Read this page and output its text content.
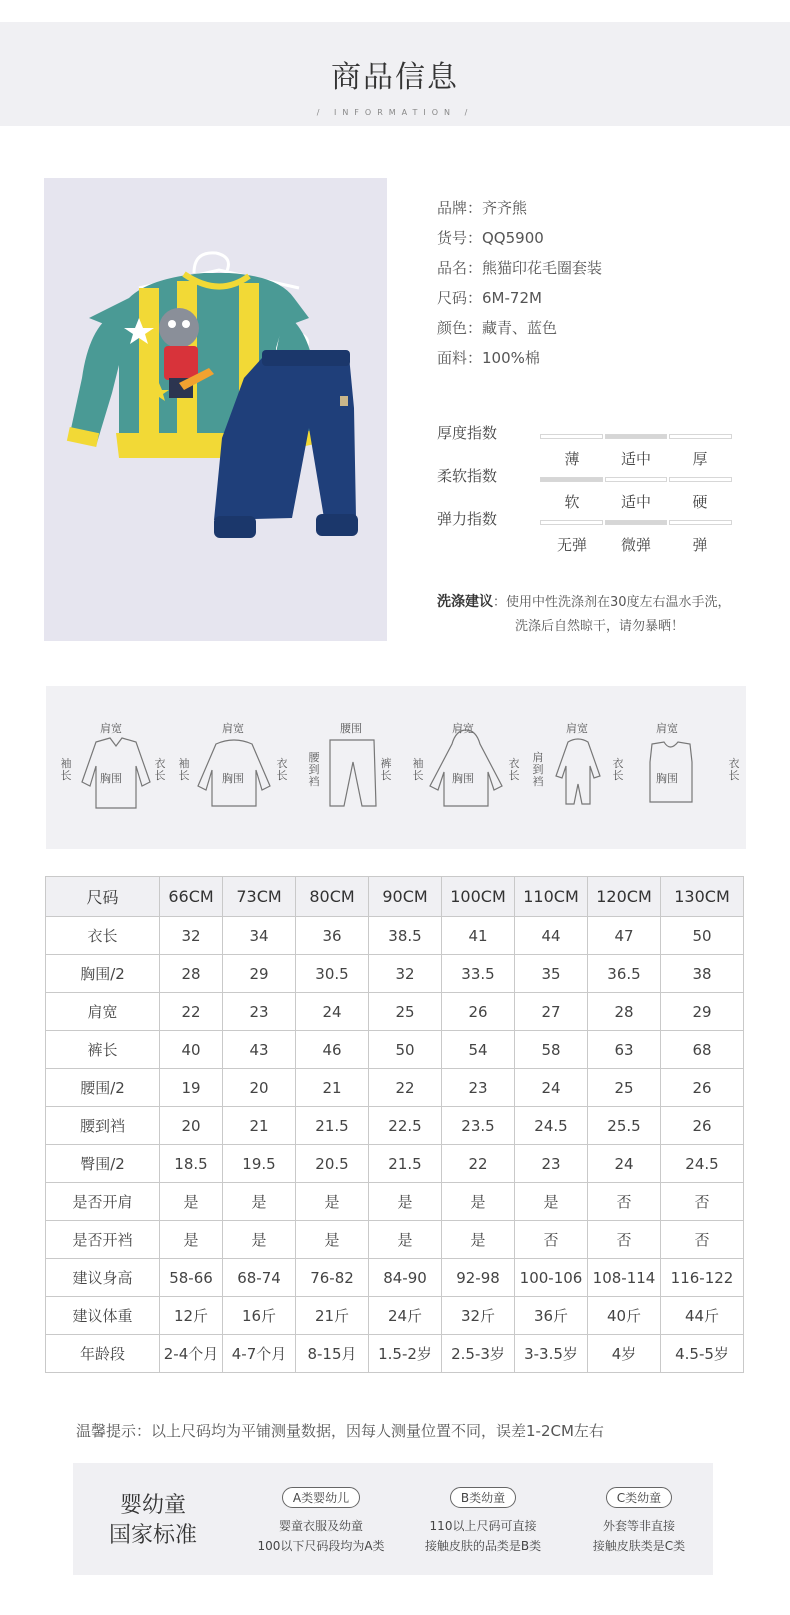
商品信息
/ INFORMATION /
品牌：齐齐熊
货号：QQ5900
品名：熊猫印花毛圈套装
尺码：6M-72M
颜色：藏青、蓝色
面料：100%棉
厚度指数
薄	适中	厚
柔软指数
软	适中	硬
弹力指数
无弹	微弹	弹
洗涤建议：使用中性洗涤剂在30度左右温水手洗，
洗涤后自然晾干，请勿暴晒！
肩宽
袖长
衣长
胸围
肩宽
袖长
衣长
胸围
腰围
腰到裆
裤长
肩宽
袖长
衣长
胸围
肩宽
肩到裆
衣长
肩宽
衣长
胸围
尺码	66CM	73CM	80CM	90CM	100CM	110CM	120CM	130CM
衣长	32	34	36	38.5	41	44	47	50
胸围/2	28	29	30.5	32	33.5	35	36.5	38
肩宽	22	23	24	25	26	27	28	29
裤长	40	43	46	50	54	58	63	68
腰围/2	19	20	21	22	23	24	25	26
腰到裆	20	21	21.5	22.5	23.5	24.5	25.5	26
臀围/2	18.5	19.5	20.5	21.5	22	23	24	24.5
是否开肩	是	是	是	是	是	是	否	否
是否开裆	是	是	是	是	是	否	否	否
建议身高	58-66	68-74	76-82	84-90	92-98	100-106	108-114	116-122
建议体重	12斤	16斤	21斤	24斤	32斤	36斤	40斤	44斤
年龄段	2-4个月	4-7个月	8-15月	1.5-2岁	2.5-3岁	3-3.5岁	4岁	4.5-5岁
温馨提示：以上尺码均为平铺测量数据，因每人测量位置不同，误差1-2CM左右
婴幼童
国家标准
A类婴幼儿
婴童衣服及幼童
100以下尺码段均为A类
B类幼童
110以上尺码可直接
接触皮肤的品类是B类
C类幼童
外套等非直接
接触皮肤类是C类
